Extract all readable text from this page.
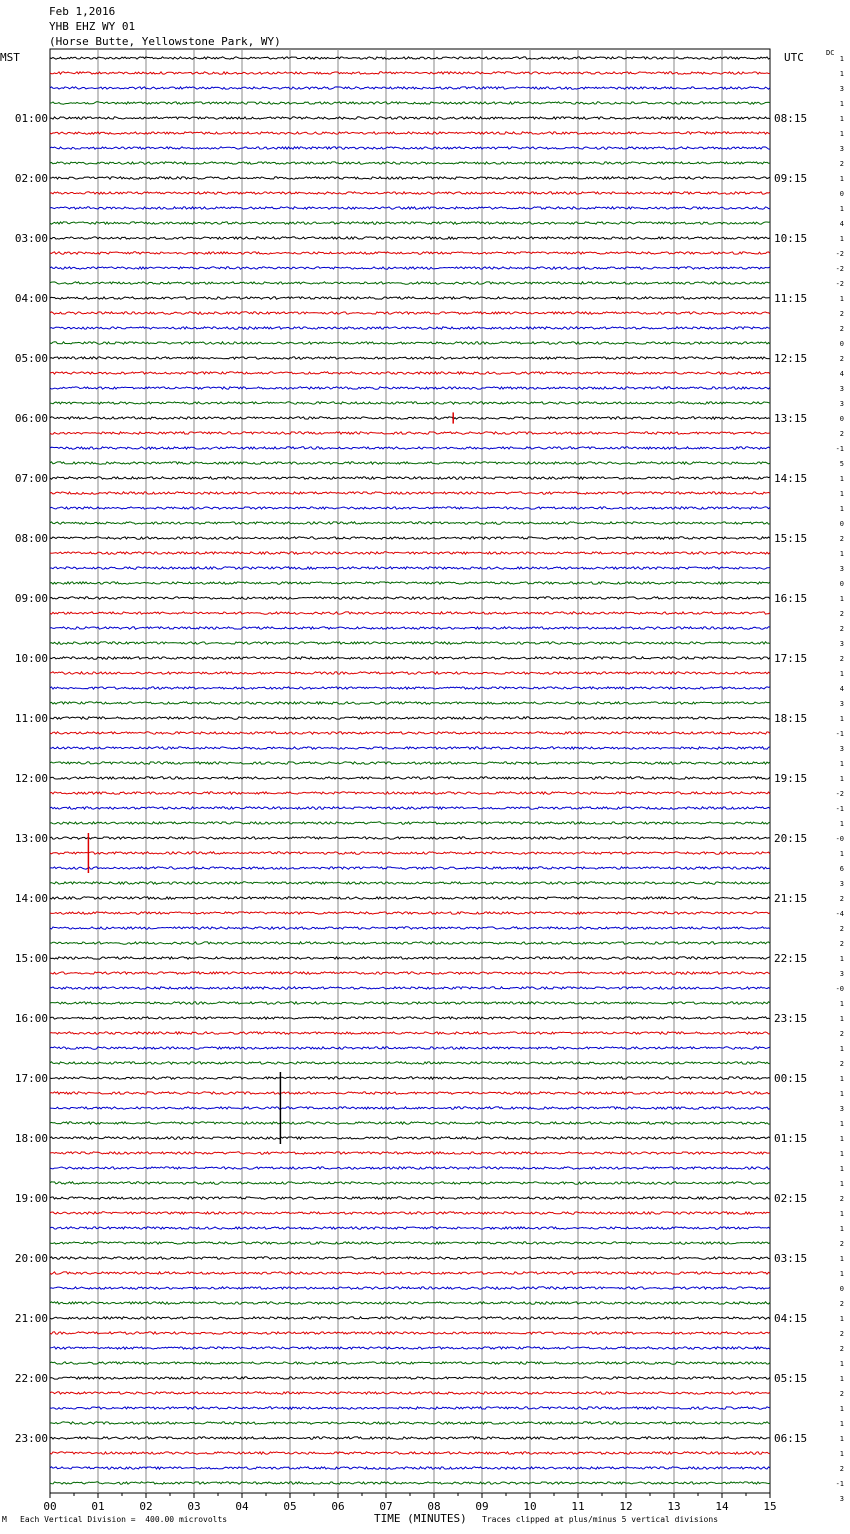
Feb 1,2016
YHB EHZ WY 01
(Horse Butte, Yellowstone Park, WY)
MST	UTC	DC
01:00	08:15
02:00	09:15
03:00	10:15
04:00	11:15
05:00	12:15
06:00	13:15
07:00	14:15
08:00	15:15
09:00	16:15
10:00	17:15
11:00	18:15
12:00	19:15
13:00	20:15
14:00	21:15
15:00	22:15
16:00	23:15
17:00	00:15
18:00	01:15
19:00	02:15
20:00	03:15
21:00	04:15
22:00	05:15
23:00	06:15
1
1
3
1
1
1
3
2
1
0
1
4
1
-2
-2
-2
1
2
2
0
2
4
3
3
0
2
-1
5
1
1
1
0
2
1
3
0
1
2
2
3
2
1
4
3
1
-1
3
1
1
-2
-1
1
-0
1
6
3
2
-4
2
2
1
3
-0
1
1
2
1
2
1
1
3
1
1
1
1
1
2
1
1
2
1
1
0
2
1
2
2
1
1
2
1
1
1
1
2
-1
3
00	01	02	03	04	05	06	07	08	09	10	11	12	13	14	15
M Each Vertical Division =  400.00 microvolts	TIME (MINUTES) Traces clipped at plus/minus 5 vertical divisions
